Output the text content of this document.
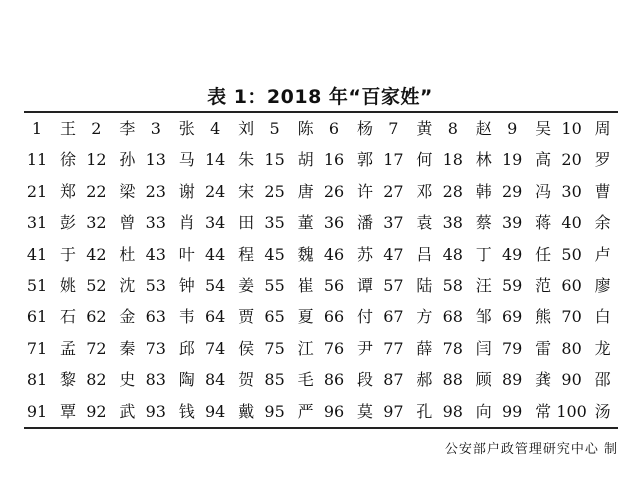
表 1：2018 年“百家姓”
1	王 2	李 3	张 4	刘 5	陈 6	杨 7	黄 8	赵 9	吴 10 周
11 徐 12 孙 13 马 14 朱 15 胡 16 郭 17 何 18 林 19 高 20 罗
21 郑 22 梁 23 谢 24 宋 25 唐 26 许 27 邓 28 韩 29 冯 30 曹
31 彭 32 曾 33 肖 34 田 35 董 36 潘 37 袁 38 蔡 39 蒋 40 余
41 于 42 杜 43 叶 44 程 45 魏 46 苏 47 吕 48 丁 49 任 50 卢
51 姚 52 沈 53 钟 54 姜 55 崔 56 谭 57 陆 58 汪 59 范 60 廖
61 石 62 金 63 韦 64 贾 65 夏 66 付 67 方 68 邹 69 熊 70 白
71 孟 72 秦 73 邱 74 侯 75 江 76 尹 77 薛 78 闫 79 雷 80 龙
81 黎 82 史 83 陶 84 贺 85 毛 86 段 87 郝 88 顾 89 龚 90 邵
91 覃 92 武 93 钱 94 戴 95 严 96 莫 97 孔 98 向 99 常 100 汤
公安部户政管理研究中心 制
